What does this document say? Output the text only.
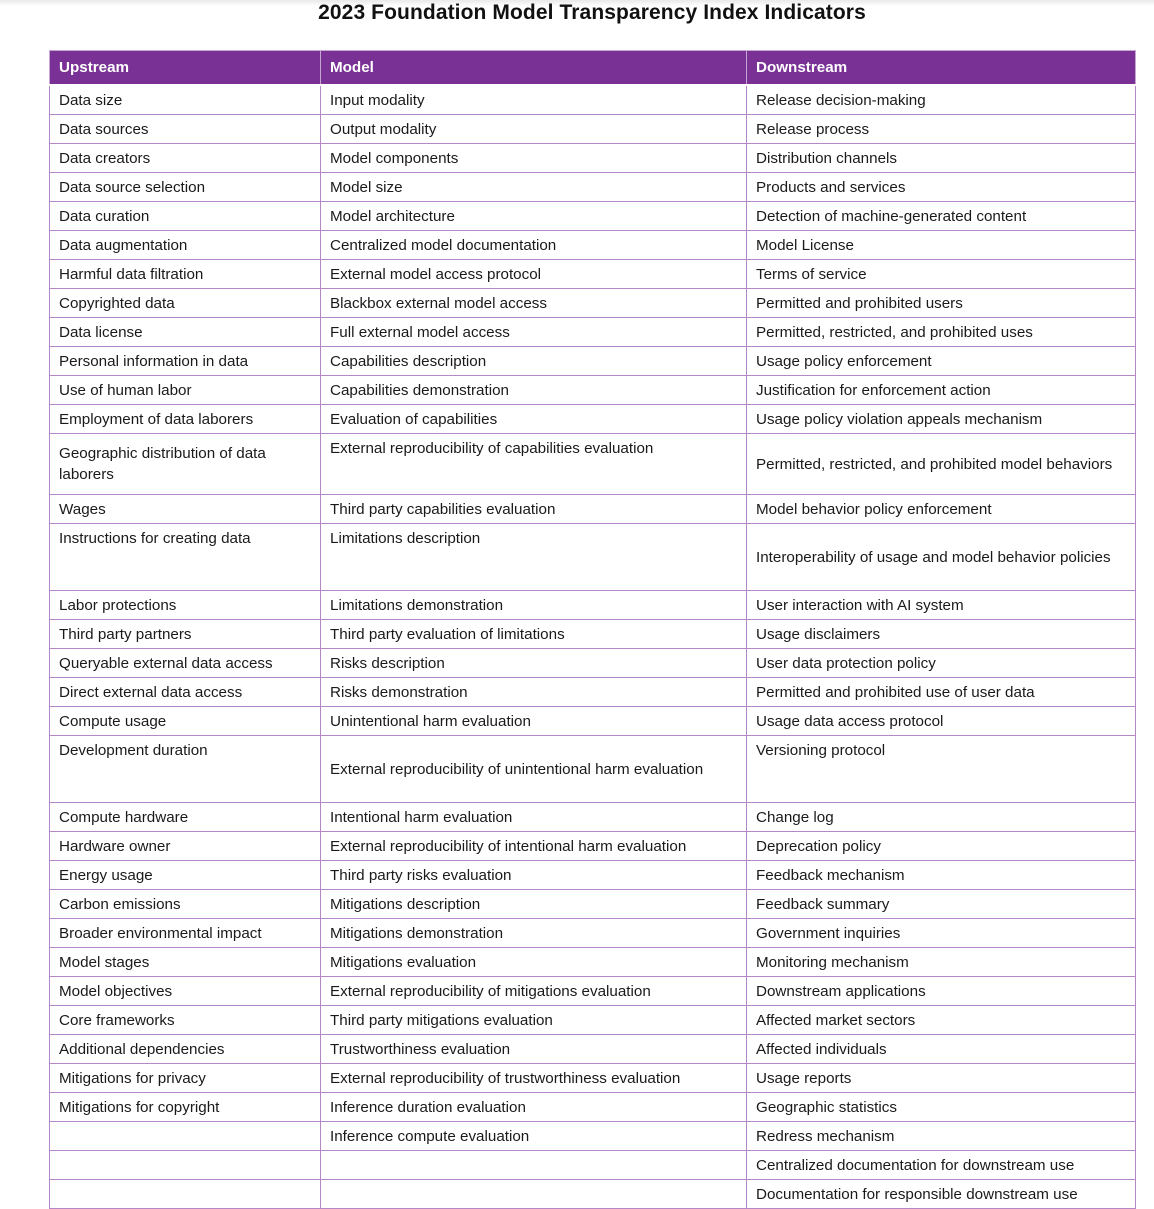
2023 Foundation Model Transparency Index Indicators
Upstream	Model	Downstream
Data size	Input modality	Release decision-making
Data sources	Output modality	Release process
Data creators	Model components	Distribution channels
Data source selection	Model size	Products and services
Data curation	Model architecture	Detection of machine-generated content
Data augmentation	Centralized model documentation	Model License
Harmful data filtration	External model access protocol	Terms of service
Copyrighted data	Blackbox external model access	Permitted and prohibited users
Data license	Full external model access	Permitted, restricted, and prohibited uses
Personal information in data	Capabilities description	Usage policy enforcement
Use of human labor	Capabilities demonstration	Justification for enforcement action
Employment of data laborers	Evaluation of capabilities	Usage policy violation appeals mechanism
Geographic distribution of data laborers	External reproducibility of capabilities evaluation	Permitted, restricted, and prohibited model behaviors
Wages	Third party capabilities evaluation	Model behavior policy enforcement
Instructions for creating data	Limitations description	Interoperability of usage and model behavior policies
Labor protections	Limitations demonstration	User interaction with AI system
Third party partners	Third party evaluation of limitations	Usage disclaimers
Queryable external data access	Risks description	User data protection policy
Direct external data access	Risks demonstration	Permitted and prohibited use of user data
Compute usage	Unintentional harm evaluation	Usage data access protocol
Development duration	External reproducibility of unintentional harm evaluation	Versioning protocol
Compute hardware	Intentional harm evaluation	Change log
Hardware owner	External reproducibility of intentional harm evaluation	Deprecation policy
Energy usage	Third party risks evaluation	Feedback mechanism
Carbon emissions	Mitigations description	Feedback summary
Broader environmental impact	Mitigations demonstration	Government inquiries
Model stages	Mitigations evaluation	Monitoring mechanism
Model objectives	External reproducibility of mitigations evaluation	Downstream applications
Core frameworks	Third party mitigations evaluation	Affected market sectors
Additional dependencies	Trustworthiness evaluation	Affected individuals
Mitigations for privacy	External reproducibility of trustworthiness evaluation	Usage reports
Mitigations for copyright	Inference duration evaluation	Geographic statistics
	Inference compute evaluation	Redress mechanism
		Centralized documentation for downstream use
		Documentation for responsible downstream use
